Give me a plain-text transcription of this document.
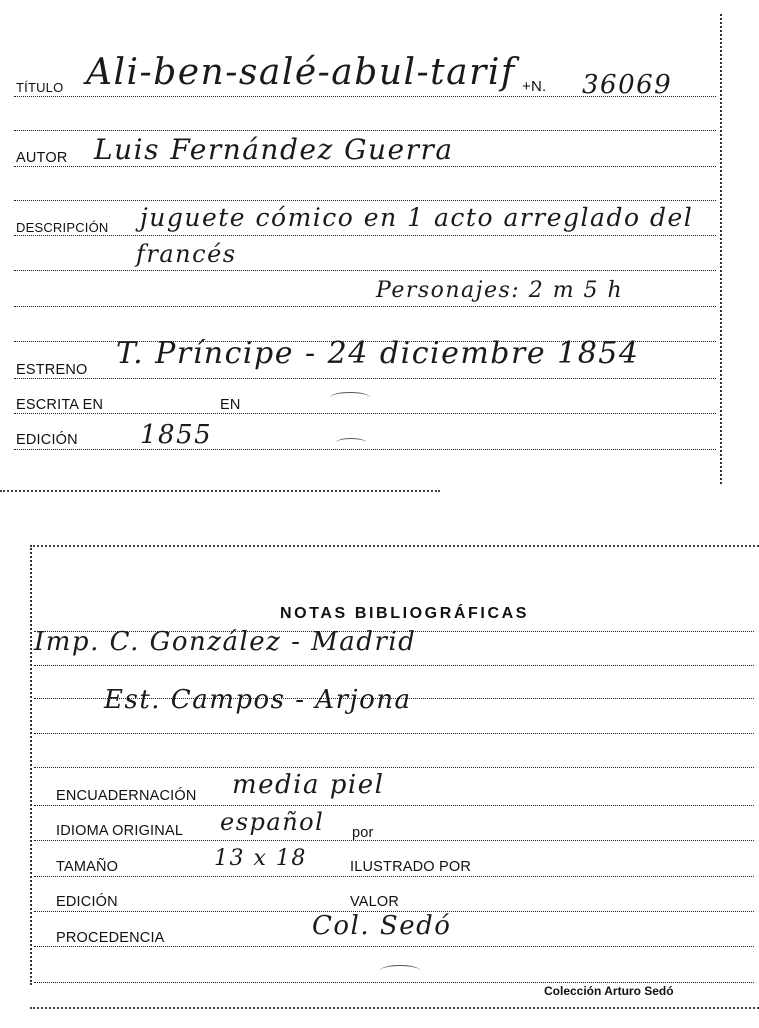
TÍTULO Ali-ben-salé-abul-tarif +N. 36069
AUTOR Luis Fernández Guerra
DESCRIPCIÓN juguete cómico en 1 acto arreglado del
francés
Personajes: 2 m 5 h
ESTRENO T. Príncipe - 24 diciembre 1854
ESCRITA EN	EN
EDICIÓN 1855
NOTAS BIBLIOGRÁFICAS
Imp. C. González - Madrid
Est. Campos - Arjona
ENCUADERNACIÓN media piel
IDIOMA ORIGINAL español por
TAMAÑO	13 x 18	ILUSTRADO POR
EDICIÓN	VALOR
PROCEDENCIA	Col. Sedó
Colección Arturo Sedó
